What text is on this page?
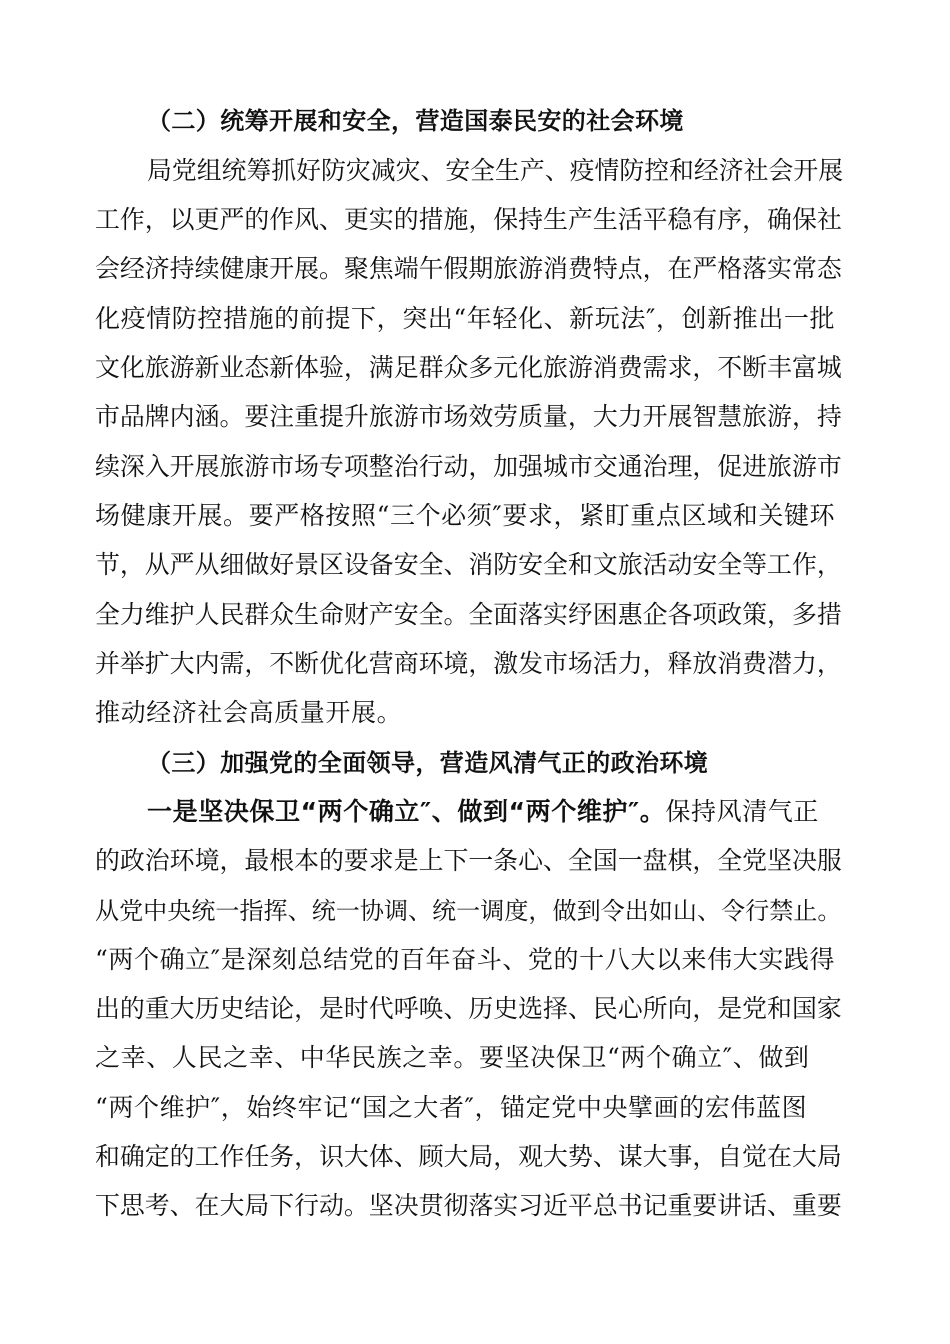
（二）统筹开展和安全，营造国泰民安的社会环境
局党组统筹抓好防灾减灾、安全生产、疫情防控和经济社会开展
工作，以更严的作风、更实的措施，保持生产生活平稳有序，确保社
会经济持续健康开展。聚焦端午假期旅游消费特点，在严格落实常态
化疫情防控措施的前提下，突出“年轻化、新玩法″，创新推出一批
文化旅游新业态新体验，满足群众多元化旅游消费需求，不断丰富城
市品牌内涵。要注重提升旅游市场效劳质量，大力开展智慧旅游，持
续深入开展旅游市场专项整治行动，加强城市交通治理，促进旅游市
场健康开展。要严格按照“三个必须″要求，紧盯重点区域和关键环
节，从严从细做好景区设备安全、消防安全和文旅活动安全等工作，
全力维护人民群众生命财产安全。全面落实纾困惠企各项政策，多措
并举扩大内需，不断优化营商环境，激发市场活力，释放消费潜力，
推动经济社会高质量开展。
（三）加强党的全面领导，营造风清气正的政治环境
一是坚决保卫“两个确立″、做到“两个维护″。保持风清气正
的政治环境，最根本的要求是上下一条心、全国一盘棋，全党坚决服
从党中央统一指挥、统一协调、统一调度，做到令出如山、令行禁止。
“两个确立″是深刻总结党的百年奋斗、党的十八大以来伟大实践得
出的重大历史结论，是时代呼唤、历史选择、民心所向，是党和国家
之幸、人民之幸、中华民族之幸。要坚决保卫“两个确立″、做到
“两个维护″，始终牢记“国之大者″，锚定党中央擘画的宏伟蓝图
和确定的工作任务，识大体、顾大局，观大势、谋大事，自觉在大局
下思考、在大局下行动。坚决贯彻落实习近平总书记重要讲话、重要
